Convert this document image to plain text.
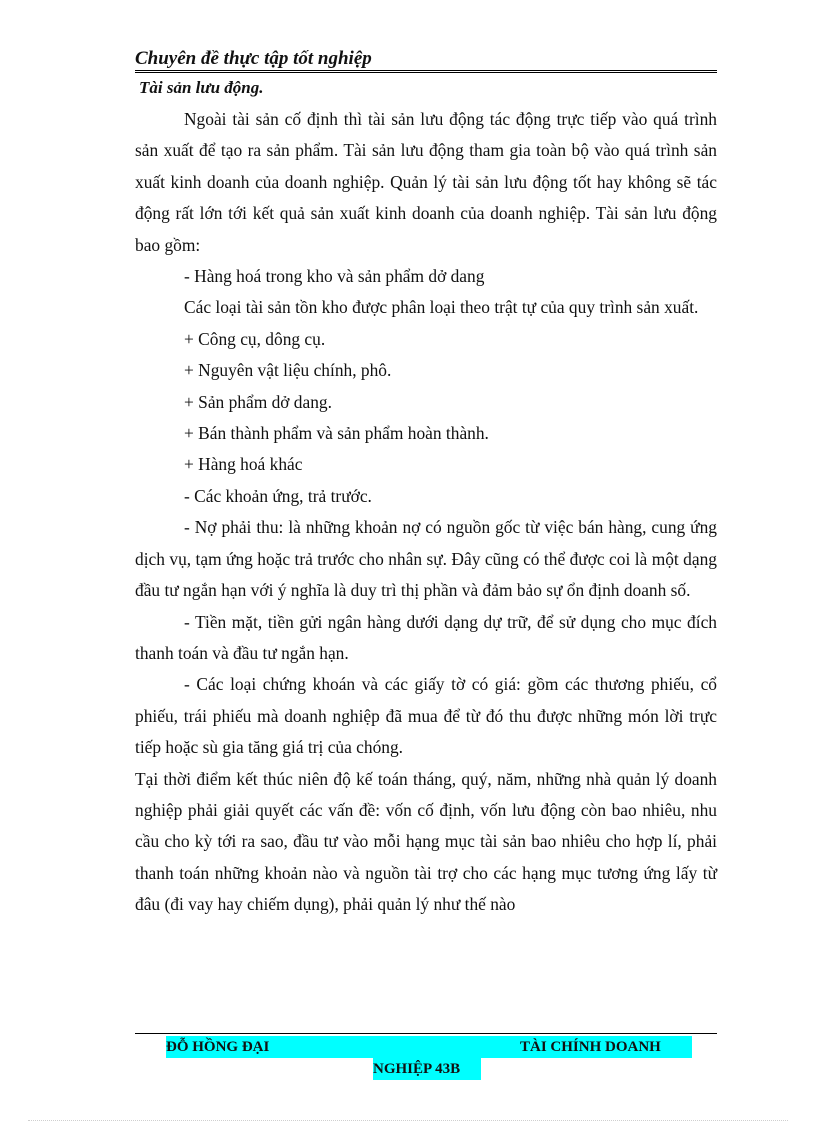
Chuyên đề thực tập tốt nghiệp
Tài sản lưu động.

Ngoài tài sản cố định thì tài sản lưu động tác động trực tiếp vào quá trình sản xuất để tạo ra sản phẩm. Tài sản lưu động tham gia toàn bộ vào quá trình sản xuất kinh doanh của doanh nghiệp. Quản lý tài sản lưu động tốt hay không sẽ tác động rất lớn tới kết quả sản xuất kinh doanh của doanh nghiệp. Tài sản lưu động bao gồm:

- Hàng hoá trong kho và sản phẩm dở dang

Các loại tài sản tồn kho được phân loại theo trật tự của quy trình sản xuất.

+ Công cụ, dông cụ.

+ Nguyên vật liệu chính, phô.

+ Sản phẩm dở dang.

+ Bán thành phẩm và sản phẩm hoàn thành.

+ Hàng hoá khác

- Các khoản ứng, trả trước.

- Nợ phải thu: là những khoản nợ có nguồn gốc từ việc bán hàng, cung ứng dịch vụ, tạm ứng hoặc trả trước cho nhân sự. Đây cũng có thể được coi là một dạng đầu tư ngắn hạn với ý nghĩa là duy trì thị phần và đảm bảo sự ổn định doanh số.

- Tiền mặt, tiền gửi ngân hàng dưới dạng dự trữ, để sử dụng cho mục đích thanh toán và đầu tư ngắn hạn.

- Các loại chứng khoán và các giấy tờ có giá: gồm các thương phiếu, cổ phiếu, trái phiếu mà doanh nghiệp đã mua để từ đó thu được những món lời trực tiếp hoặc sù gia tăng giá trị của chóng.

Tại thời điểm kết thúc niên độ kế toán tháng, quý, năm, những nhà quản lý doanh nghiệp phải giải quyết các vấn đề: vốn cố định, vốn lưu động còn bao nhiêu, nhu cầu cho kỳ tới ra sao, đầu tư vào mỗi hạng mục tài sản bao nhiêu cho hợp lí, phải thanh toán những khoản nào và nguồn tài trợ cho các hạng mục tương ứng lấy từ đâu (đi vay hay chiếm dụng), phải quản lý như thế nào

ĐỖ HỒNG ĐẠI	TÀI CHÍNH DOANH
NGHIỆP 43B
